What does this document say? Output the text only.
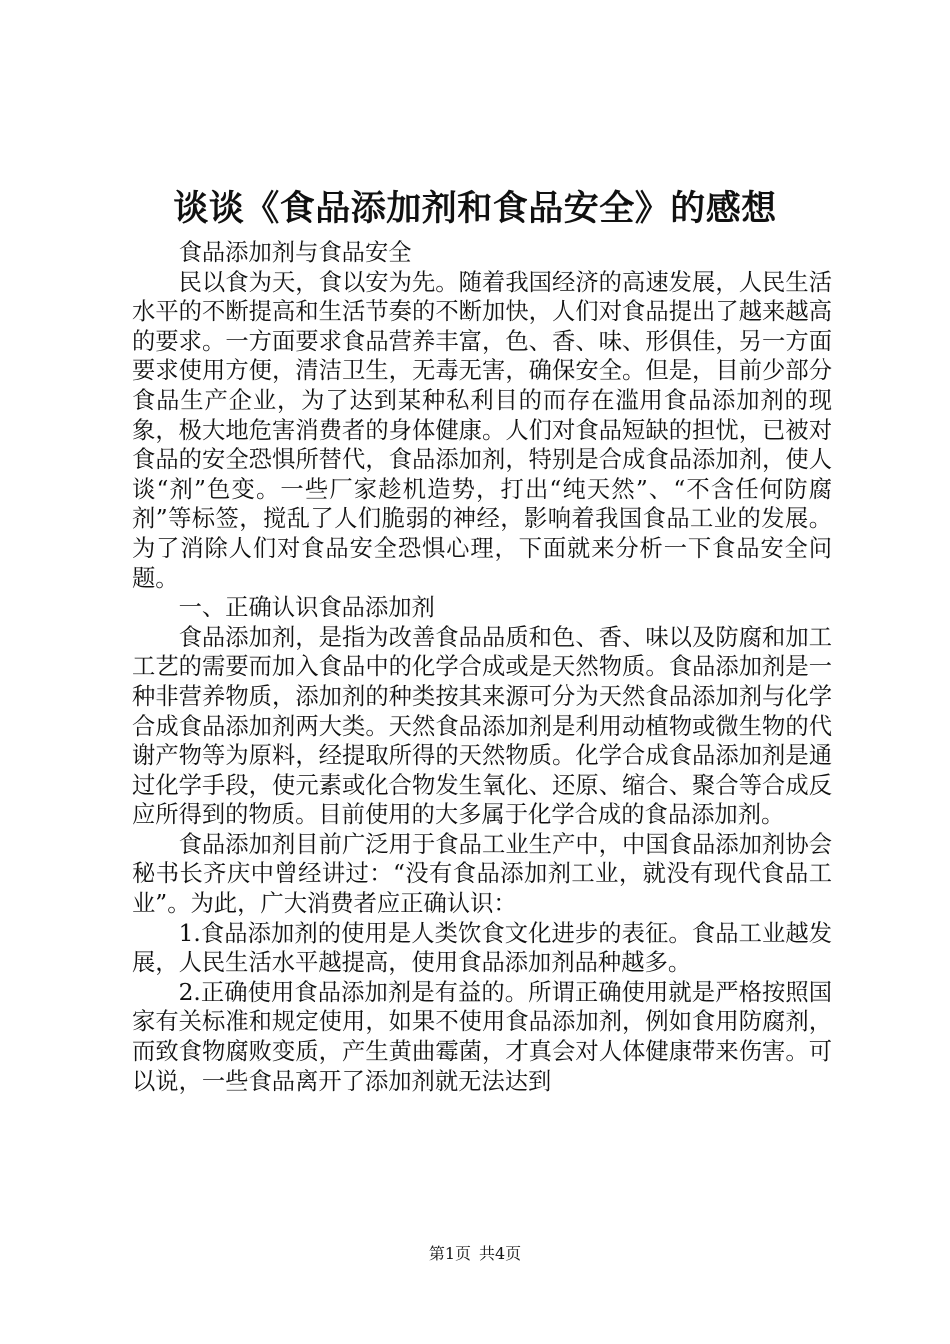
谈谈《食品添加剂和食品安全》的感想

食品添加剂与食品安全

民以食为天，食以安为先。随着我国经济的高速发展，人民生活水平的不断提高和生活节奏的不断加快，人们对食品提出了越来越高的要求。一方面要求食品营养丰富，色、香、味、形俱佳，另一方面要求使用方便，清洁卫生，无毒无害，确保安全。但是，目前少部分食品生产企业，为了达到某种私利目的而存在滥用食品添加剂的现象，极大地危害消费者的身体健康。人们对食品短缺的担忧，已被对食品的安全恐惧所替代，食品添加剂，特别是合成食品添加剂，使人谈“剂”色变。一些厂家趁机造势，打出“纯天然”、“不含任何防腐剂”等标签，搅乱了人们脆弱的神经，影响着我国食品工业的发展。为了消除人们对食品安全恐惧心理，下面就来分析一下食品安全问题。

一、正确认识食品添加剂

食品添加剂，是指为改善食品品质和色、香、味以及防腐和加工工艺的需要而加入食品中的化学合成或是天然物质。食品添加剂是一种非营养物质，添加剂的种类按其来源可分为天然食品添加剂与化学合成食品添加剂两大类。天然食品添加剂是利用动植物或微生物的代谢产物等为原料，经提取所得的天然物质。化学合成食品添加剂是通过化学手段，使元素或化合物发生氧化、还原、缩合、聚合等合成反应所得到的物质。目前使用的大多属于化学合成的食品添加剂。

食品添加剂目前广泛用于食品工业生产中，中国食品添加剂协会秘书长齐庆中曾经讲过：“没有食品添加剂工业，就没有现代食品工业”。为此，广大消费者应正确认识：

1.食品添加剂的使用是人类饮食文化进步的表征。食品工业越发展，人民生活水平越提高，使用食品添加剂品种越多。

2.正确使用食品添加剂是有益的。所谓正确使用就是严格按照国家有关标准和规定使用，如果不使用食品添加剂，例如食用防腐剂，而致食物腐败变质，产生黄曲霉菌，才真会对人体健康带来伤害。可以说，一些食品离开了添加剂就无法达到

第1页 共4页
